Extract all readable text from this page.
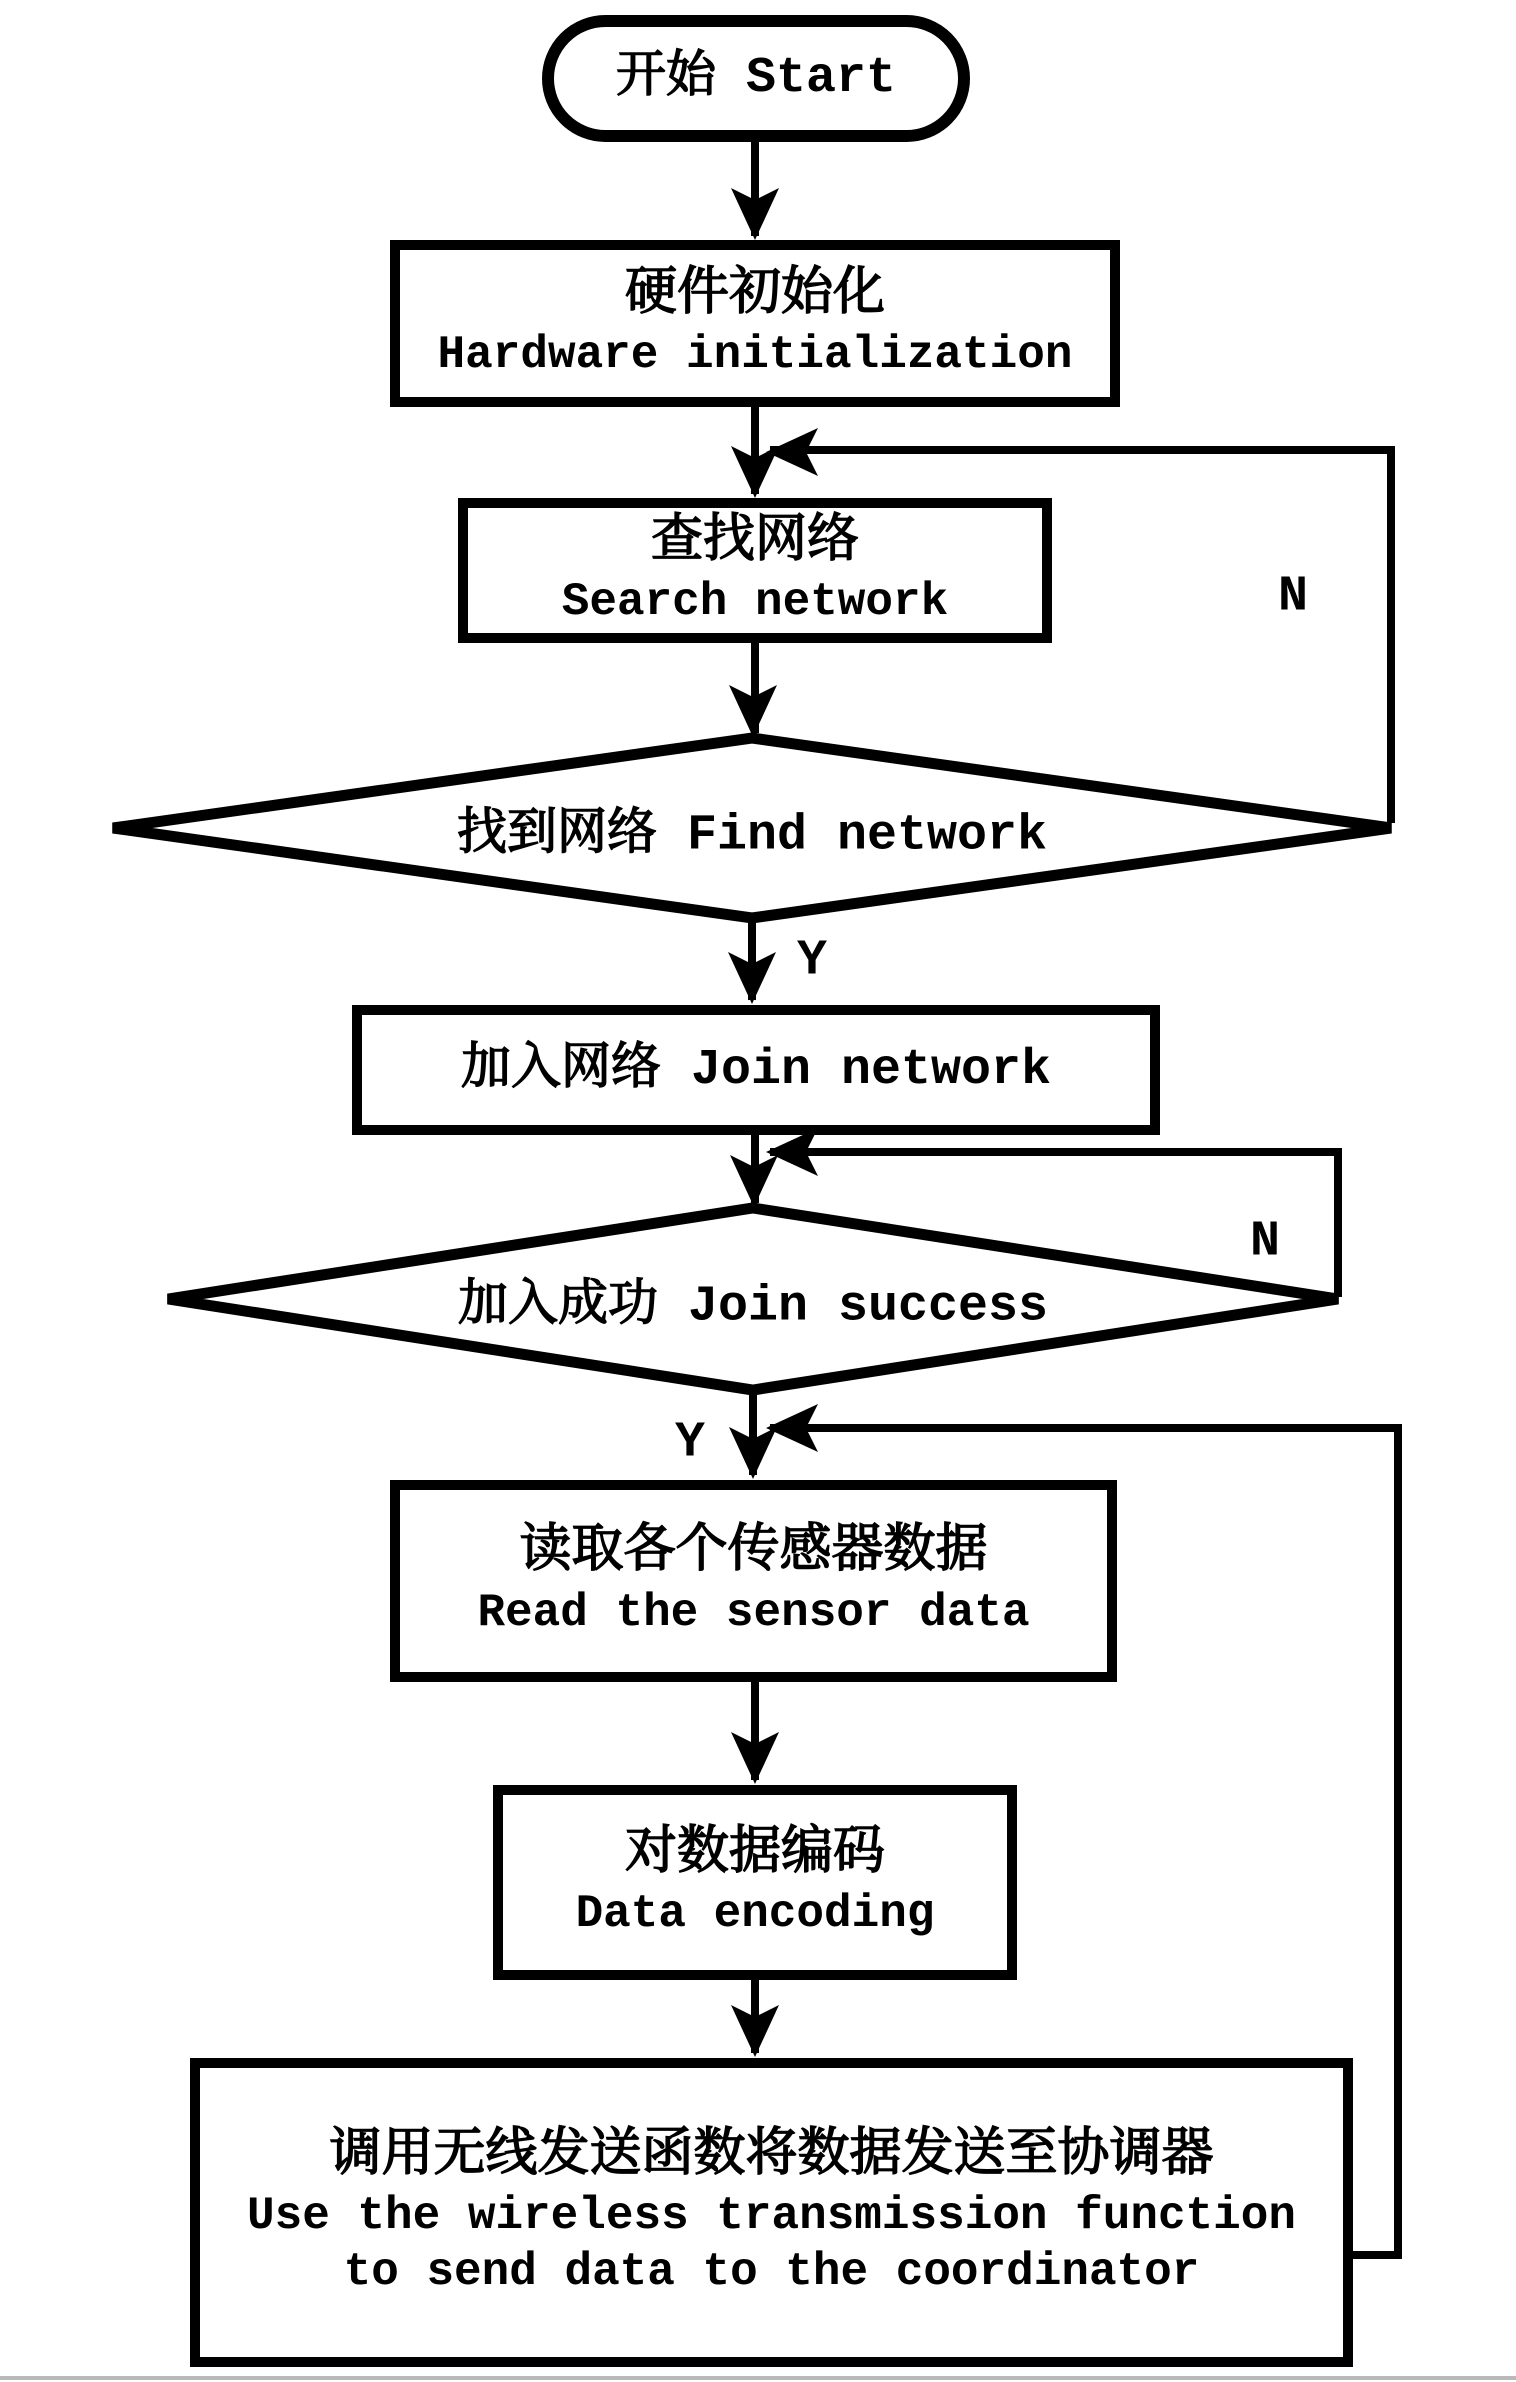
开始 Start
硬件初始化
Hardware initialization
查找网络
Search network
加入网络 Join network
读取各个传感器数据
Read the sensor data
对数据编码
Data encoding
调用无线发送函数将数据发送至协调器
Use the wireless transmission function
to send data to the coordinator
找到网络 Find network
加入成功 Join success
N
Y
N
Y
